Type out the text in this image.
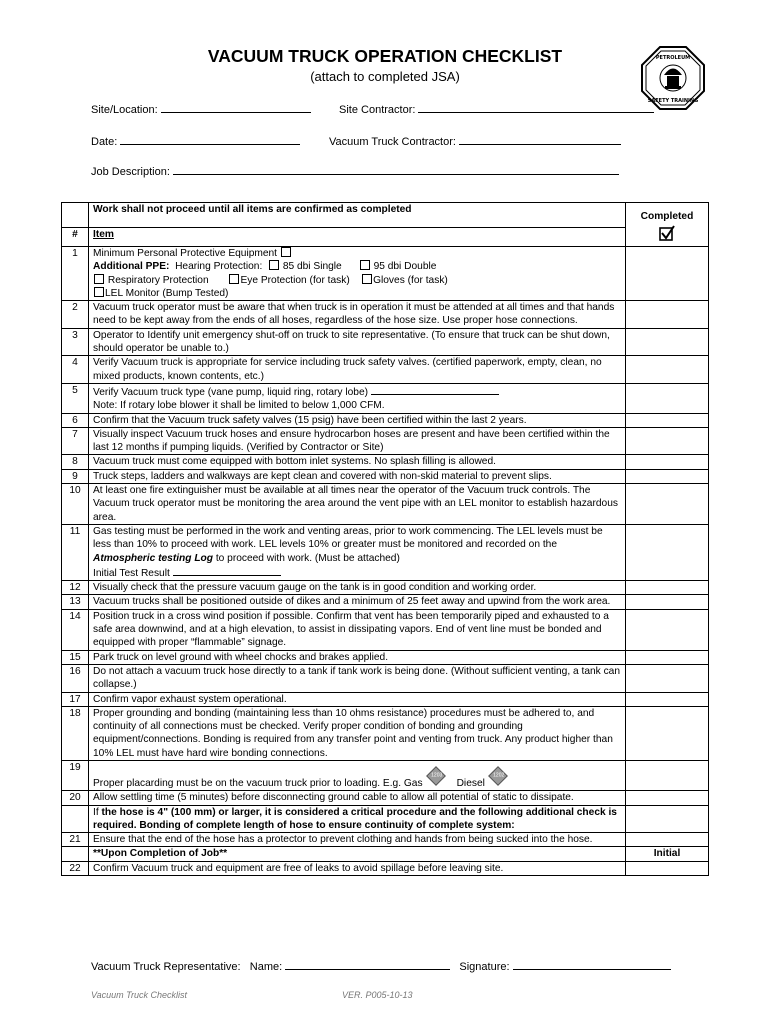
VACUUM TRUCK OPERATION CHECKLIST
(attach to completed JSA)
PETROLEUM
SAFETY TRAINING
Site/Location:	Site Contractor:
Date:	Vacuum Truck Contractor:
Job Description:
	Work shall not proceed until all items are confirmed as completed	Completed

#	Item	
1	Minimum Personal Protective Equipment
Additional PPE: Hearing Protection: 85 dbi Single 95 dbi Double
Respiratory Protection Eye Protection (for task) Gloves (for task)
LEL Monitor (Bump Tested)	

2	Vacuum truck operator must be aware that when truck is in operation it must be attended at all times and that hands need to be kept away from the ends of all hoses, regardless of the hose size. Use proper hose connections.	
3	Operator to Identify unit emergency shut-off on truck to site representative. (To ensure that truck can be shut down, should operator be unable to.)	
4	Verify Vacuum truck is appropriate for service including truck safety valves. (certified paperwork, empty, clean, no mixed products, known contents, etc.)	
5	Verify Vacuum truck type (vane pump, liquid ring, rotary lobe)
Note: If rotary lobe blower it shall be limited to below 1,000 CFM.	

6	Confirm that the Vacuum truck safety valves (15 psig) have been certified within the last 2 years.	
7	Visually inspect Vacuum truck hoses and ensure hydrocarbon hoses are present and have been certified within the last 12 months if pumping liquids. (Verified by Contractor or Site)	
8	Vacuum truck must come equipped with bottom inlet systems. No splash filling is allowed.	
9	Truck steps, ladders and walkways are kept clean and covered with non-skid material to prevent slips.	
10	At least one fire extinguisher must be available at all times near the operator of the Vacuum truck controls. The Vacuum truck operator must be monitoring the area around the vent pipe with an LEL monitor to establish hazardous area.	
11	Gas testing must be performed in the work and venting areas, prior to work commencing. The LEL levels must be less than 10% to proceed with work. LEL levels 10% or greater must be monitored and recorded on the Atmospheric testing Log to proceed with work. (Must be attached)
Initial Test Result	

12	Visually check that the pressure vacuum gauge on the tank is in good condition and working order.	
13	Vacuum trucks shall be positioned outside of dikes and a minimum of 25 feet away and upwind from the work area.	
14	Position truck in a cross wind position if possible. Confirm that vent has been temporarily piped and exhausted to a safe area downwind, and at a high elevation, to assist in dissipating vapors. End of vent line must be bonded and equipped with proper “flammable” signage.	
15	Park truck on level ground with wheel chocks and brakes applied.	
16	Do not attach a vacuum truck hose directly to a tank if tank work is being done. (Without sufficient venting, a tank can collapse.)	
17	Confirm vapor exhaust system operational.	
18	Proper grounding and bonding (maintaining less than 10 ohms resistance) procedures must be adhered to, and continuity of all connections must be checked. Verify proper condition of bonding and grounding equipment/connections. Bonding is required from any transfer point and venting from truck. Any product higher than 10% LEL must have hard wire bonding connections.	
19	Proper placarding must be on the vacuum truck prior to loading. E.g. Gas
1203
Diesel
1202	

20	Allow settling time (5 minutes) before disconnecting ground cable to allow all potential of static to dissipate.	
	If the hose is 4" (100 mm) or larger, it is considered a critical procedure and the following additional check is required. Bonding of complete length of hose to ensure continuity of complete system:	
21	Ensure that the end of the hose has a protector to prevent clothing and hands from being sucked into the hose.	
	**Upon Completion of Job**	Initial
22	Confirm Vacuum truck and equipment are free of leaks to avoid spillage before leaving site.	
Vacuum Truck Representative: Name:	Signature:
Vacuum Truck Checklist	VER. P005-10-13
